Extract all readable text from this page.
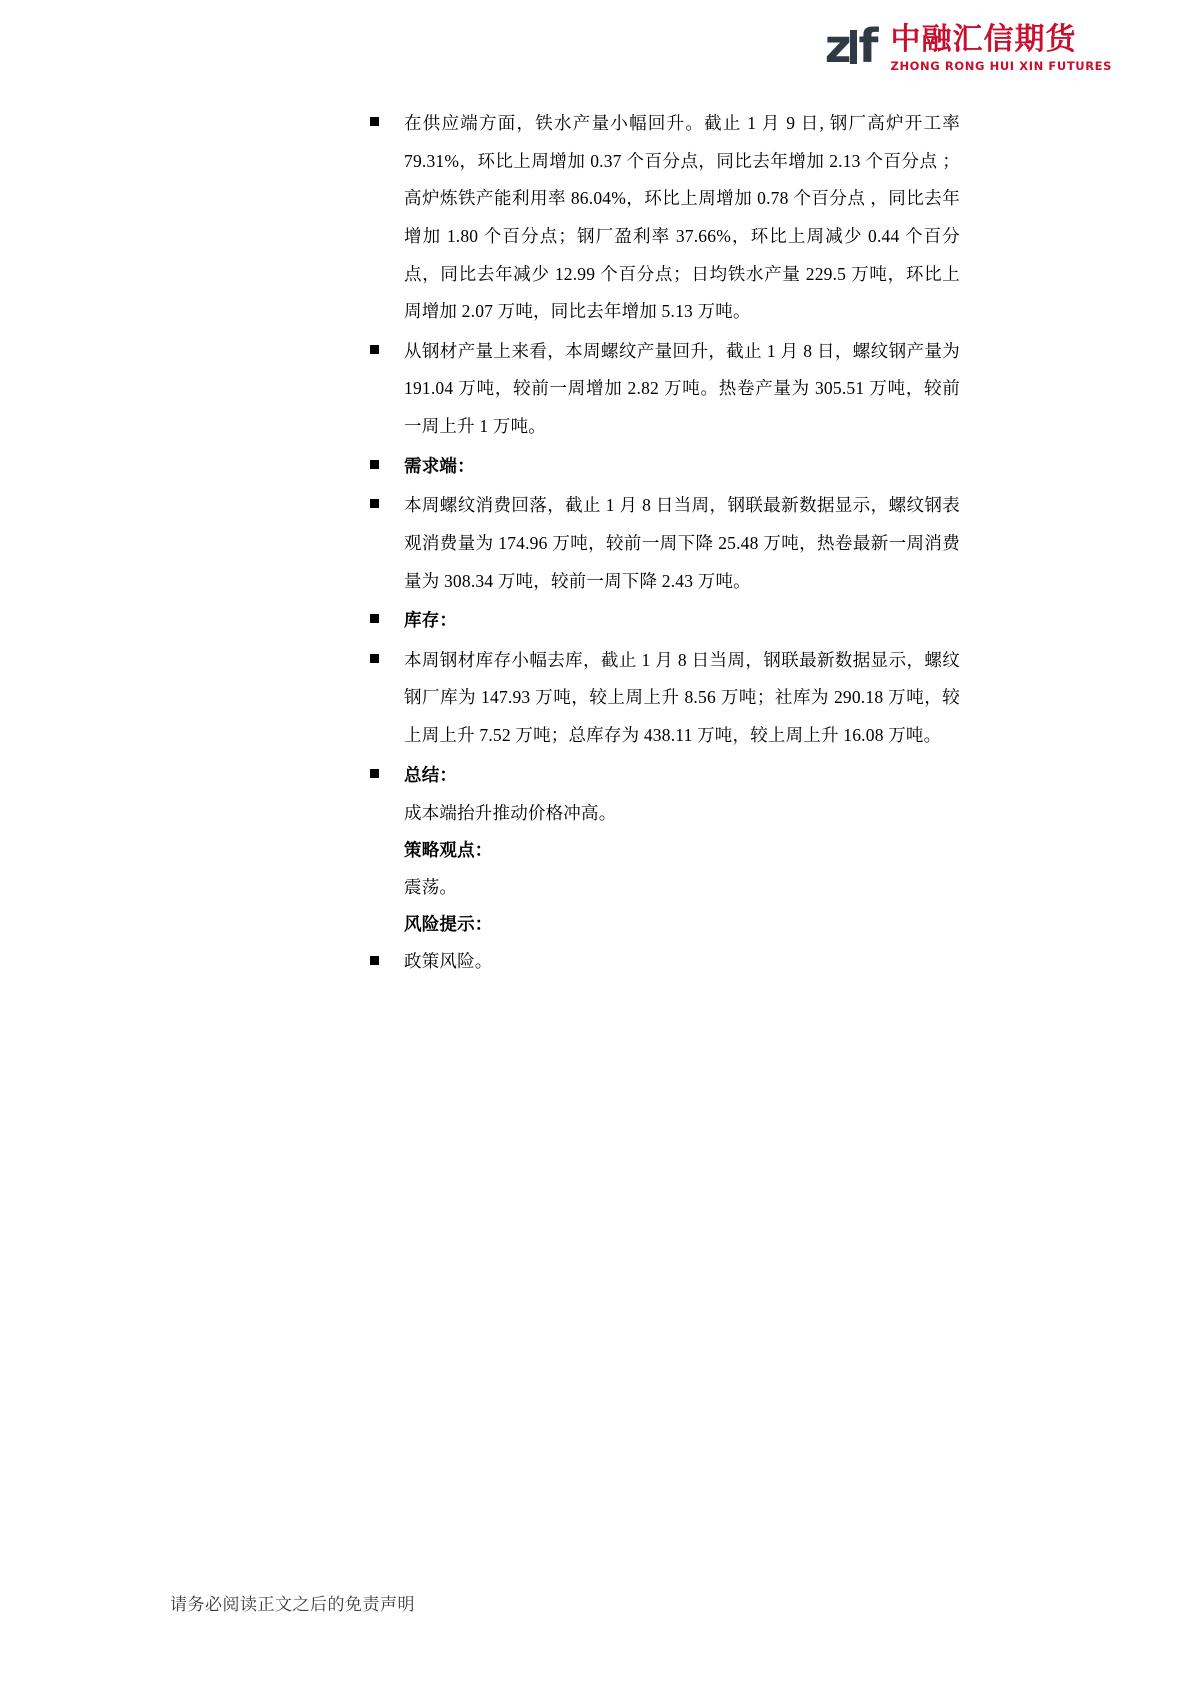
z f 中融汇信期货
ZHONG RONG HUI XIN FUTURES
在供应端方面，铁水产量小幅回升。截止 1 月 9 日, 钢厂高炉开工率 79.31%，环比上周增加 0.37 个百分点，同比去年增加 2.13 个百分点 ；高炉炼铁产能利用率 86.04%，环比上周增加 0.78 个百分点 ，同比去年增加 1.80 个百分点；钢厂盈利率 37.66%，环比上周减少 0.44 个百分点，同比去年减少 12.99 个百分点；日均铁水产量 229.5 万吨，环比上周增加 2.07 万吨，同比去年增加 5.13 万吨。
从钢材产量上来看，本周螺纹产量回升，截止 1 月 8 日，螺纹钢产量为 191.04 万吨，较前一周增加 2.82 万吨。热卷产量为 305.51 万吨，较前一周上升 1 万吨。
需求端：
本周螺纹消费回落，截止 1 月 8 日当周，钢联最新数据显示，螺纹钢表观消费量为 174.96 万吨，较前一周下降 25.48 万吨，热卷最新一周消费量为 308.34 万吨，较前一周下降 2.43 万吨。
库存：
本周钢材库存小幅去库，截止 1 月 8 日当周，钢联最新数据显示，螺纹钢厂库为 147.93 万吨，较上周上升 8.56 万吨；社库为 290.18 万吨，较上周上升 7.52 万吨；总库存为 438.11 万吨，较上周上升 16.08 万吨。
总结：
成本端抬升推动价格冲高。
策略观点：
震荡。
风险提示：
政策风险。
请务必阅读正文之后的免责声明
